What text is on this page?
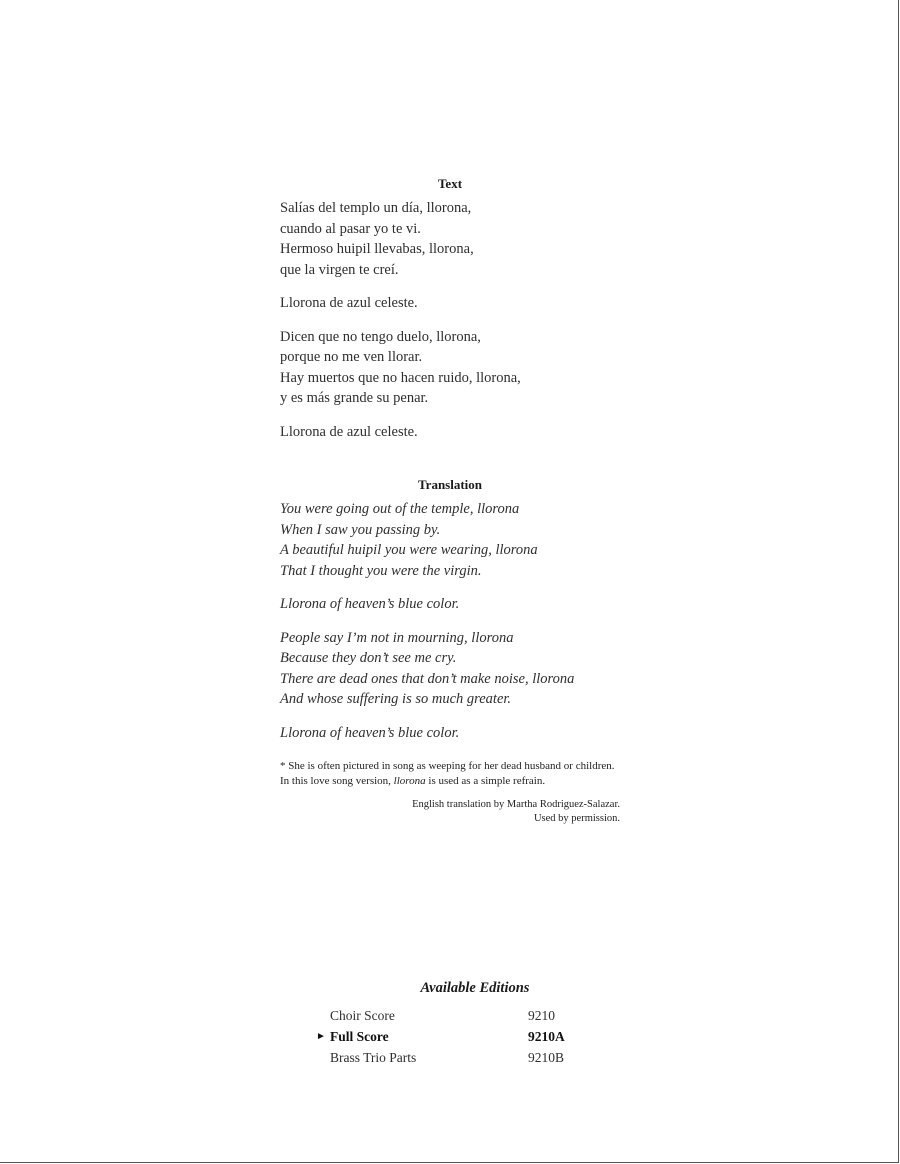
Text
Salías del templo un día, llorona,
cuando al pasar yo te vi.
Hermoso huipil llevabas, llorona,
que la virgen te creí.
Llorona de azul celeste.
Dicen que no tengo duelo, llorona,
porque no me ven llorar.
Hay muertos que no hacen ruido, llorona,
y es más grande su penar.
Llorona de azul celeste.
Translation
You were going out of the temple, llorona
When I saw you passing by.
A beautiful huipil you were wearing, llorona
That I thought you were the virgin.
Llorona of heaven’s blue color.
People say I’m not in mourning, llorona
Because they don’t see me cry.
There are dead ones that don’t make noise, llorona
And whose suffering is so much greater.
Llorona of heaven’s blue color.
* She is often pictured in song as weeping for her dead husband or children. In this love song version, llorona is used as a simple refrain.
English translation by Martha Rodriguez-Salazar.
Used by permission.
Available Editions
Choir Score	9210
► Full Score	9210A
Brass Trio Parts	9210B
